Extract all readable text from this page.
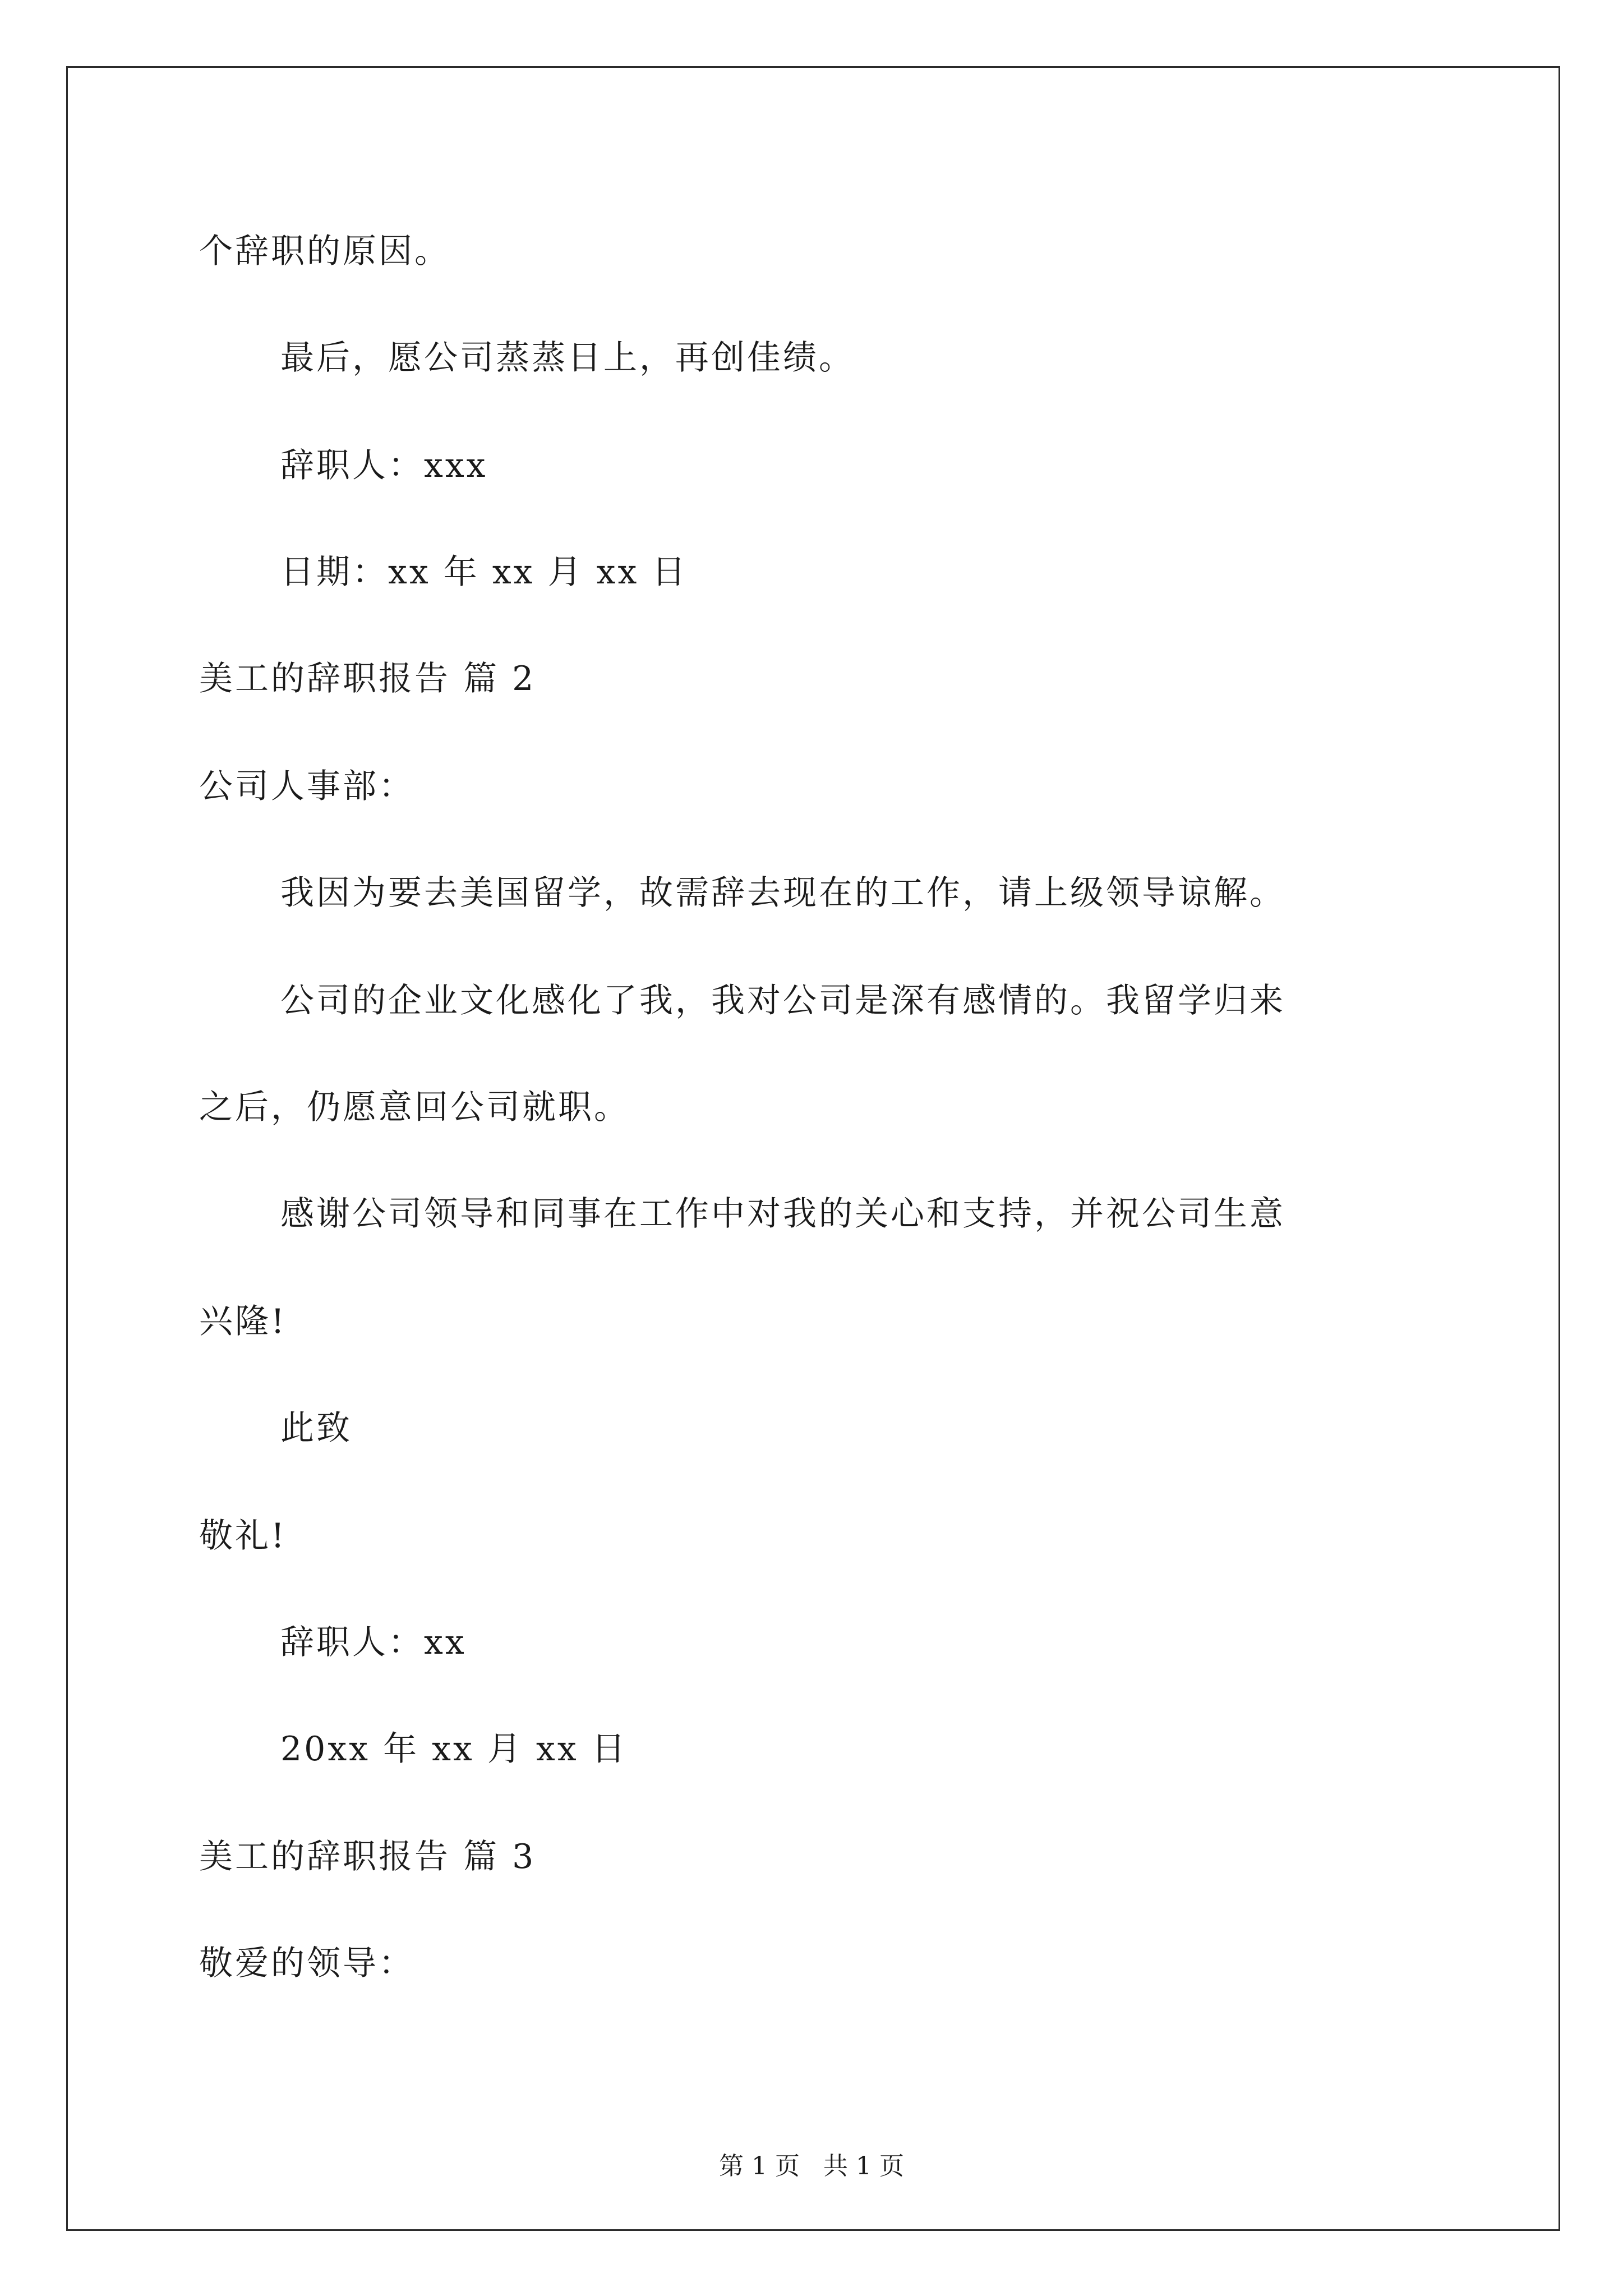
个辞职的原因。
最后，愿公司蒸蒸日上，再创佳绩。
辞职人：xxx
日期：xx 年 xx 月 xx 日
美工的辞职报告 篇 2
公司人事部：
我因为要去美国留学，故需辞去现在的工作，请上级领导谅解。
公司的企业文化感化了我，我对公司是深有感情的。我留学归来
之后，仍愿意回公司就职。
感谢公司领导和同事在工作中对我的关心和支持，并祝公司生意
兴隆!
此致
敬礼!
辞职人：xx
20xx 年 xx 月 xx 日
美工的辞职报告 篇 3
敬爱的领导：
第 1 页   共 1 页
